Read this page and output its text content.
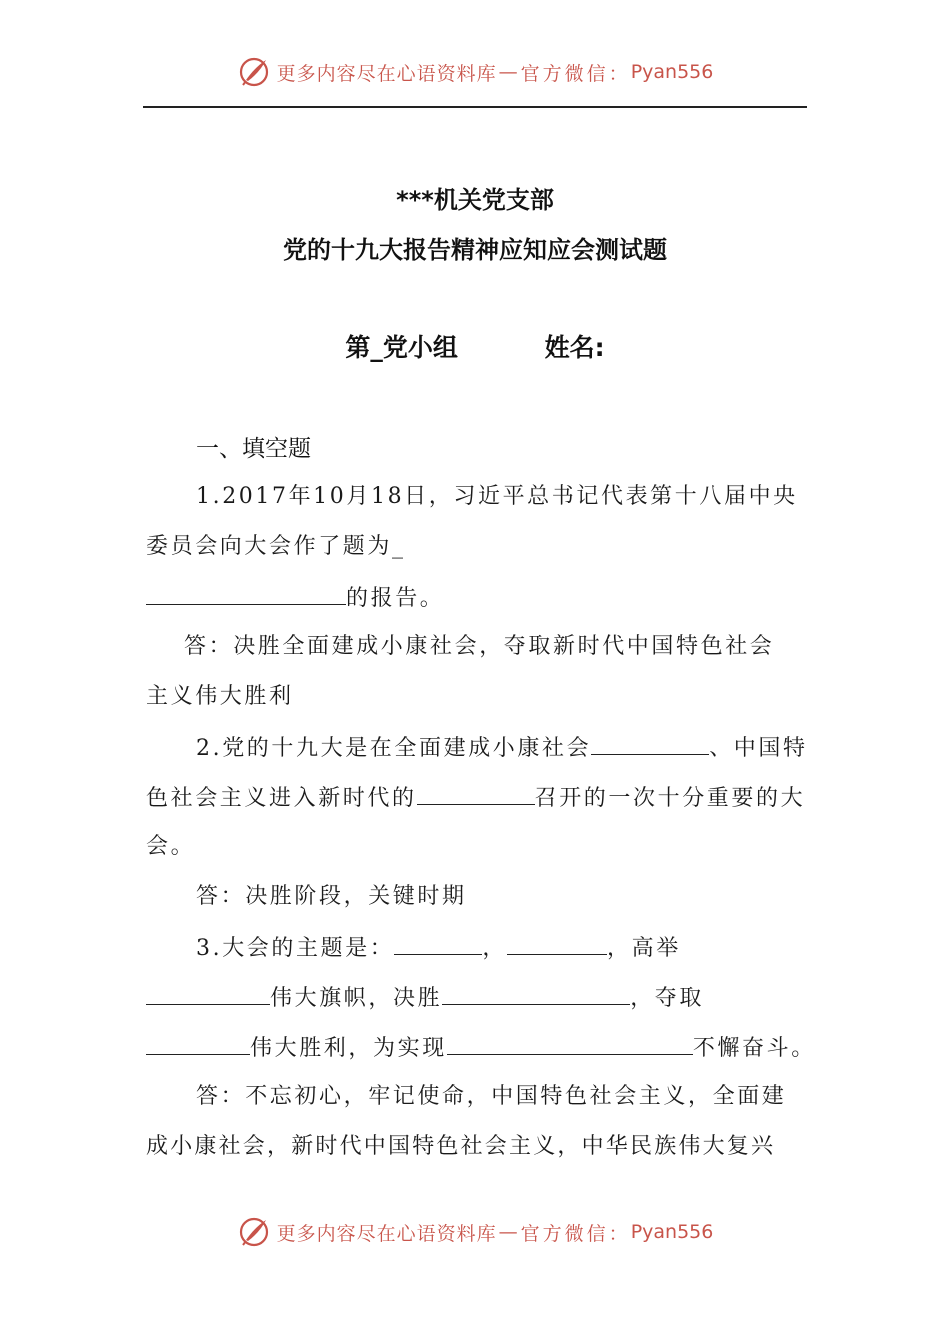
更多内容尽在心语资料库 — 官方微信： Pyan556
***机关党支部
党的十九大报告精神应知应会测试题
第_党小组	姓名:
一、填空题
1.2017年10月18日，习近平总书记代表第十八届中央
委员会向大会作了题为_
的报告。
答：决胜全面建成小康社会，夺取新时代中国特色社会
主义伟大胜利
2.党的十九大是在全面建成小康社会	、中国特
色社会主义进入新时代的	召开的一次十分重要的大
会。
答：决胜阶段，关键时期
3.大会的主题是：	，	，高举
伟大旗帜，决胜	，夺取
伟大胜利，为实现	不懈奋斗。
答：不忘初心，牢记使命，中国特色社会主义，全面建
成小康社会，新时代中国特色社会主义，中华民族伟大复兴
更多内容尽在心语资料库 — 官方微信： Pyan556
